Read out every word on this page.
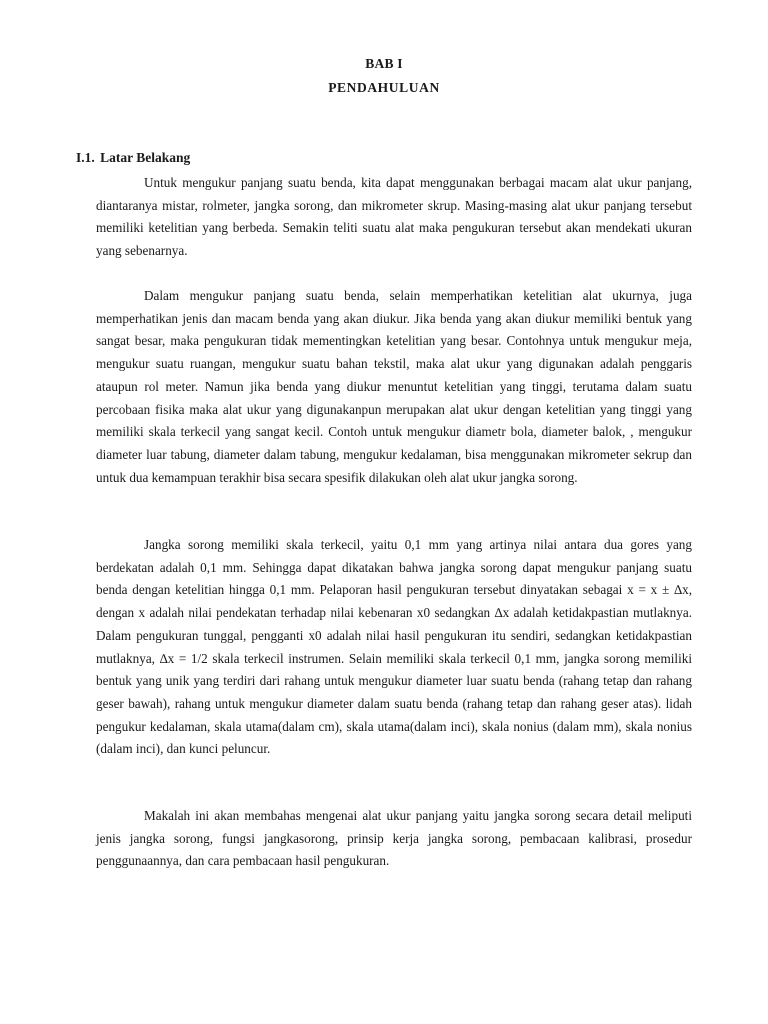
BAB I
PENDAHULUAN
I.1. Latar Belakang

Untuk mengukur panjang suatu benda, kita dapat menggunakan berbagai macam alat ukur panjang, diantaranya mistar, rolmeter, jangka sorong, dan mikrometer skrup. Masing-masing alat ukur panjang tersebut memiliki ketelitian yang berbeda. Semakin teliti suatu alat maka pengukuran tersebut akan mendekati ukuran yang sebenarnya.

Dalam mengukur panjang suatu benda, selain memperhatikan ketelitian alat ukurnya, juga memperhatikan jenis dan macam benda yang akan diukur. Jika benda yang akan diukur memiliki bentuk yang sangat besar, maka pengukuran tidak mementingkan ketelitian yang besar. Contohnya untuk mengukur meja, mengukur suatu ruangan, mengukur suatu bahan tekstil, maka alat ukur yang digunakan adalah penggaris ataupun rol meter. Namun jika benda yang diukur menuntut ketelitian yang tinggi, terutama dalam suatu percobaan fisika maka alat ukur yang digunakanpun merupakan alat ukur dengan ketelitian yang tinggi yang memiliki skala terkecil yang sangat kecil. Contoh untuk mengukur diametr bola, diameter balok, , mengukur diameter luar tabung, diameter dalam tabung, mengukur kedalaman, bisa menggunakan mikrometer sekrup dan untuk dua kemampuan terakhir bisa secara spesifik dilakukan oleh alat ukur jangka sorong.

Jangka sorong memiliki skala terkecil, yaitu 0,1 mm yang artinya nilai antara dua gores yang berdekatan adalah 0,1 mm. Sehingga dapat dikatakan bahwa jangka sorong dapat mengukur panjang suatu benda dengan ketelitian hingga 0,1 mm. Pelaporan hasil pengukuran tersebut dinyatakan sebagai x = x ± ∆x, dengan x adalah nilai pendekatan terhadap nilai kebenaran x0 sedangkan ∆x adalah ketidakpastian mutlaknya. Dalam pengukuran tunggal, pengganti x0 adalah nilai hasil pengukuran itu sendiri, sedangkan ketidakpastian mutlaknya, ∆x = 1/2 skala terkecil instrumen. Selain memiliki skala terkecil 0,1 mm, jangka sorong memiliki bentuk yang unik yang terdiri dari rahang untuk mengukur diameter luar suatu benda (rahang tetap dan rahang geser bawah), rahang untuk mengukur diameter dalam suatu benda (rahang tetap dan rahang geser atas). lidah pengukur kedalaman, skala utama(dalam cm), skala utama(dalam inci), skala nonius (dalam mm), skala nonius (dalam inci), dan kunci peluncur.

Makalah ini akan membahas mengenai alat ukur panjang yaitu jangka sorong secara detail meliputi jenis jangka sorong, fungsi jangkasorong, prinsip kerja jangka sorong, pembacaan kalibrasi, prosedur penggunaannya, dan cara pembacaan hasil pengukuran.
